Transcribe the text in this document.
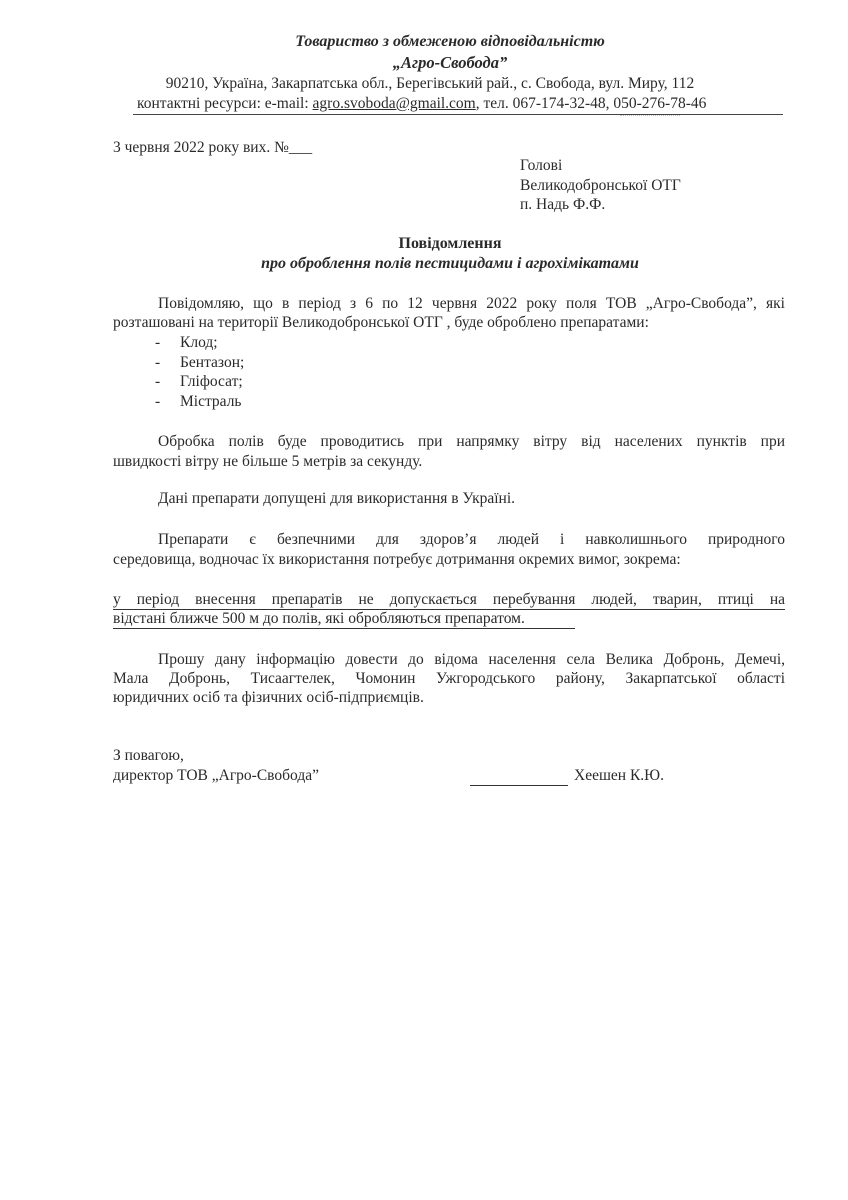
Товариство з обмеженою відповідальністю
„Агро-Свобода”
90210, Україна, Закарпатська обл., Берегівський рай., с. Свобода, вул. Миру, 112
контактні ресурси: e-mail: agro.svoboda@gmail.com, тел. 067-174-32-48, 050-276-78-46
3 червня 2022 року вих. №___
Голові
Великодобронської ОТГ
п. Надь Ф.Ф.
Повідомлення
про оброблення полів пестицидами і агрохімікатами
Повідомляю, що в період з 6 по 12 червня 2022 року поля ТОВ „Агро-Свобода”, які
розташовані на території Великодобронської ОТГ , буде оброблено препаратами:
- Клод;
- Бентазон;
- Гліфосат;
- Містраль
Обробка полів буде проводитись при напрямку вітру від населених пунктів при
швидкості вітру не більше 5 метрів за секунду.
Дані препарати допущені для використання в Україні.
Препарати є безпечними для здоров’я людей і навколишнього природного
середовища, водночас їх використання потребує дотримання окремих вимог, зокрема:
у період внесення препаратів не допускається перебування людей, тварин, птиці на
відстані ближче 500 м до полів, які обробляються препаратом.
Прошу дану інформацію довести до відома населення села Велика Добронь, Демечі,
Мала Добронь, Тисаагтелек, Чомонин Ужгородського району, Закарпатської області
юридичних осіб та фізичних осіб-підприємців.
З повагою,
директор ТОВ „Агро-Свобода”	Хеешен К.Ю.
